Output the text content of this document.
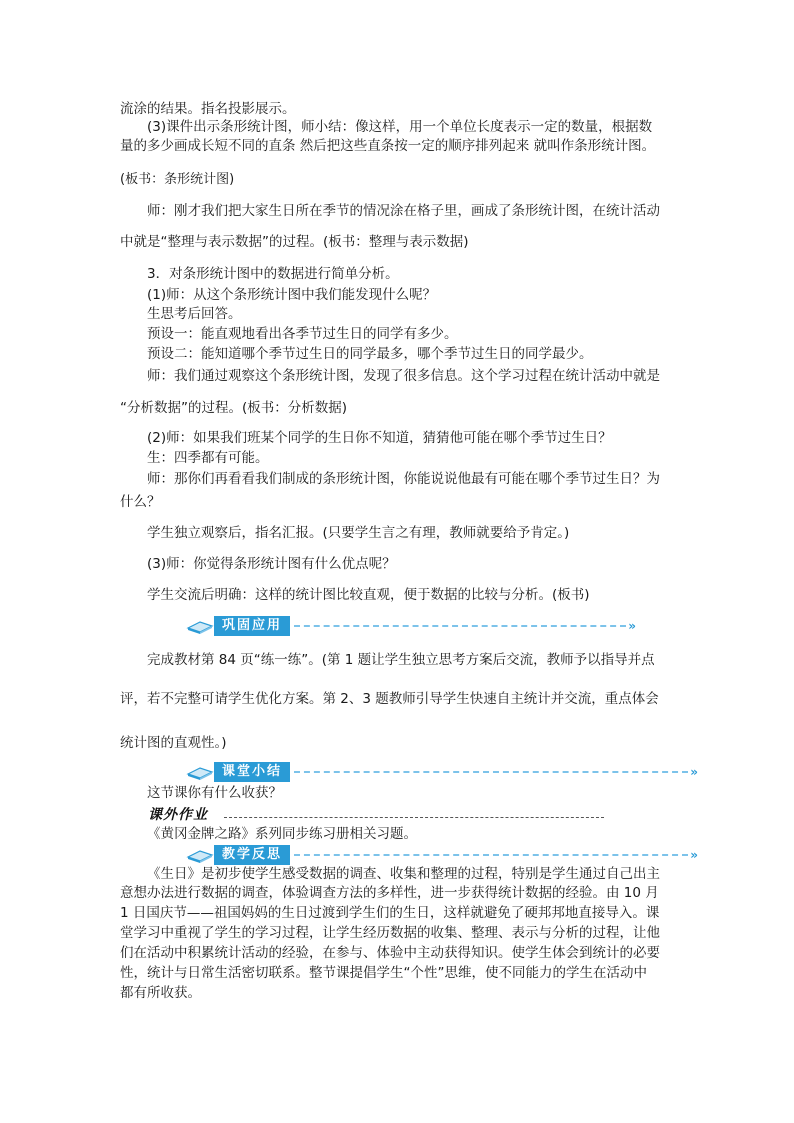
流涂的结果。指名投影展示。
(3)课件出示条形统计图，师小结：像这样，用一个单位长度表示一定的数量，根据数
量的多少画成长短不同的直条 然后把这些直条按一定的顺序排列起来 就叫作条形统计图。
(板书：条形统计图)
师：刚才我们把大家生日所在季节的情况涂在格子里，画成了条形统计图，在统计活动
中就是“整理与表示数据”的过程。(板书：整理与表示数据)
3．对条形统计图中的数据进行简单分析。
(1)师：从这个条形统计图中我们能发现什么呢？
生思考后回答。
预设一：能直观地看出各季节过生日的同学有多少。
预设二：能知道哪个季节过生日的同学最多，哪个季节过生日的同学最少。
师：我们通过观察这个条形统计图，发现了很多信息。这个学习过程在统计活动中就是
“分析数据”的过程。(板书：分析数据)
(2)师：如果我们班某个同学的生日你不知道，猜猜他可能在哪个季节过生日？
生：四季都有可能。
师：那你们再看看我们制成的条形统计图，你能说说他最有可能在哪个季节过生日？为
什么？
学生独立观察后，指名汇报。(只要学生言之有理，教师就要给予肯定。)
(3)师：你觉得条形统计图有什么优点呢？
学生交流后明确：这样的统计图比较直观，便于数据的比较与分析。(板书)
巩固应用	»
完成教材第 84 页“练一练”。(第 1 题让学生独立思考方案后交流，教师予以指导并点
评，若不完整可请学生优化方案。第 2、3 题教师引导学生快速自主统计并交流，重点体会
统计图的直观性。)
课堂小结	»
这节课你有什么收获？
课外作业
《黄冈金牌之路》系列同步练习册相关习题。
教学反思	»
《生日》是初步使学生感受数据的调查、收集和整理的过程，特别是学生通过自己出主
意想办法进行数据的调查，体验调查方法的多样性，进一步获得统计数据的经验。由 10 月
1 日国庆节——祖国妈妈的生日过渡到学生们的生日，这样就避免了硬邦邦地直接导入。课
堂学习中重视了学生的学习过程，让学生经历数据的收集、整理、表示与分析的过程，让他
们在活动中积累统计活动的经验，在参与、体验中主动获得知识。使学生体会到统计的必要
性，统计与日常生活密切联系。整节课提倡学生“个性”思维，使不同能力的学生在活动中
都有所收获。
